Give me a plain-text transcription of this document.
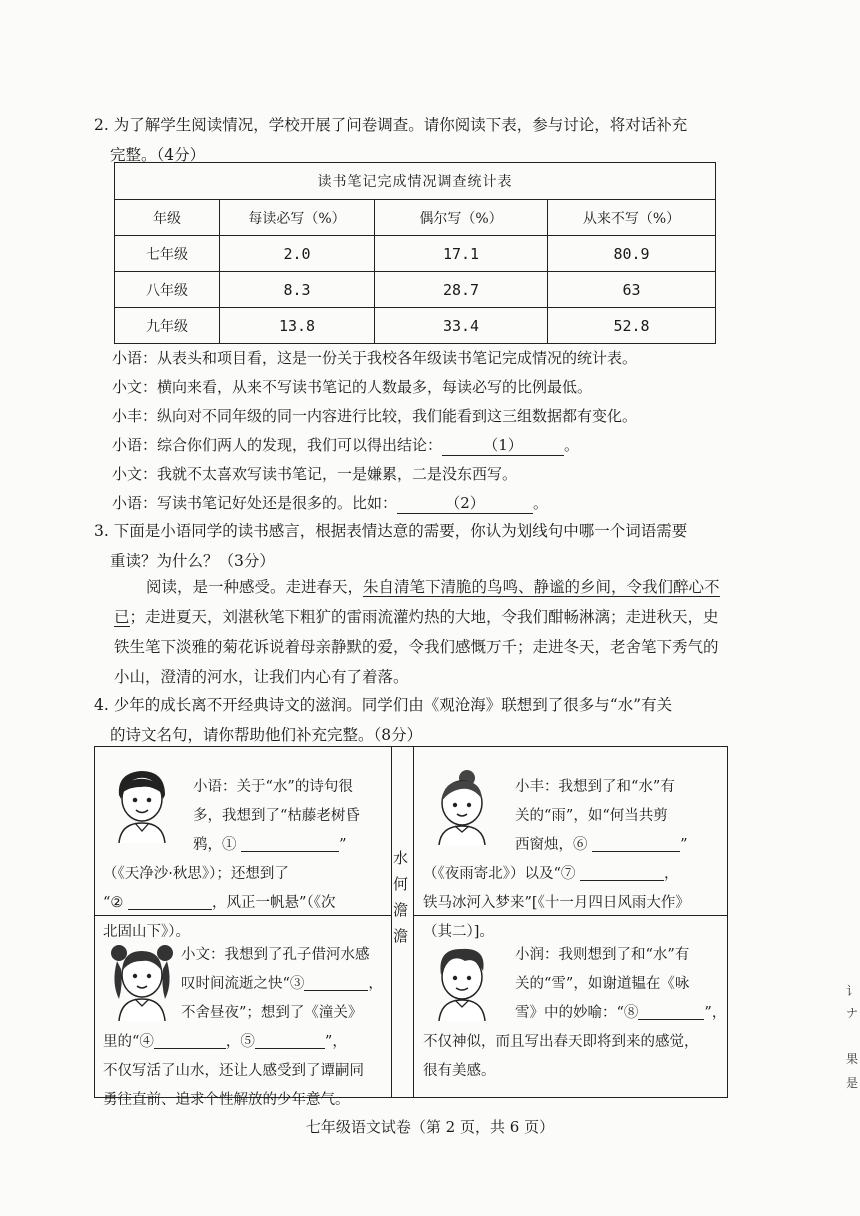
2. 为了解学生阅读情况，学校开展了问卷调查。请你阅读下表，参与讨论，将对话补充

完整。（4分）
读书笔记完成情况调查统计表			
年级	每读必写（%）	偶尔写（%）	从来不写（%）
七年级	2.0	17.1	80.9
八年级	8.3	28.7	63
九年级	13.8	33.4	52.8
小语：从表头和项目看，这是一份关于我校各年级读书笔记完成情况的统计表。
小文：横向来看，从来不写读书笔记的人数最多，每读必写的比例最低。
小丰：纵向对不同年级的同一内容进行比较，我们能看到这三组数据都有变化。
小语：综合你们两人的发现，我们可以得出结论：	（1）	。
小文：我就不太喜欢写读书笔记，一是嫌累，二是没东西写。
小语：写读书笔记好处还是很多的。比如：	（2）	。
3. 下面是小语同学的读书感言，根据表情达意的需要，你认为划线句中哪一个词语需要

重读？为什么？（3分）
阅读，是一种感受。走进春天，朱自清笔下清脆的鸟鸣、静谧的乡间，令我们醉心不已；走进夏天，刘湛秋笔下粗犷的雷雨流灌灼热的大地，令我们酣畅淋漓；走进秋天，史铁生笔下淡雅的菊花诉说着母亲静默的爱，令我们感慨万千；走进冬天，老舍笔下秀气的小山，澄清的河水，让我们内心有了着落。
4. 少年的成长离不开经典诗文的滋润。同学们由《观沧海》联想到了很多与“水”有关

的诗文名句，请你帮助他们补充完整。（8分）
水
何
澹
澹
小语：关于“水”的诗句很
多，我想到了“枯藤老树昏
鸦，①	”
（《天净沙·秋思》）；还想到了
“②	，风正一帆悬”（《次
北固山下》）。
小丰：我想到了和“水”有
关的“雨”，如“何当共剪
西窗烛，⑥	”
（《夜雨寄北》）以及“⑦	，
铁马冰河入梦来”[《十一月四日风雨大作》
（其二）]。
小文：我想到了孔子借河水感
叹时间流逝之快“③	，
不舍昼夜”；想到了《潼关》
里的“④	，⑤	”，
不仅写活了山水，还让人感受到了谭嗣同
勇往直前、追求个性解放的少年意气。
小润：我则想到了和“水”有
关的“雪”，如谢道韫在《咏
雪》中的妙喻：“⑧	”，
不仅神似，而且写出春天即将到来的感觉，
很有美感。
七年级语文试卷（第 2 页，共 6 页）
讠
ナ
果
是
